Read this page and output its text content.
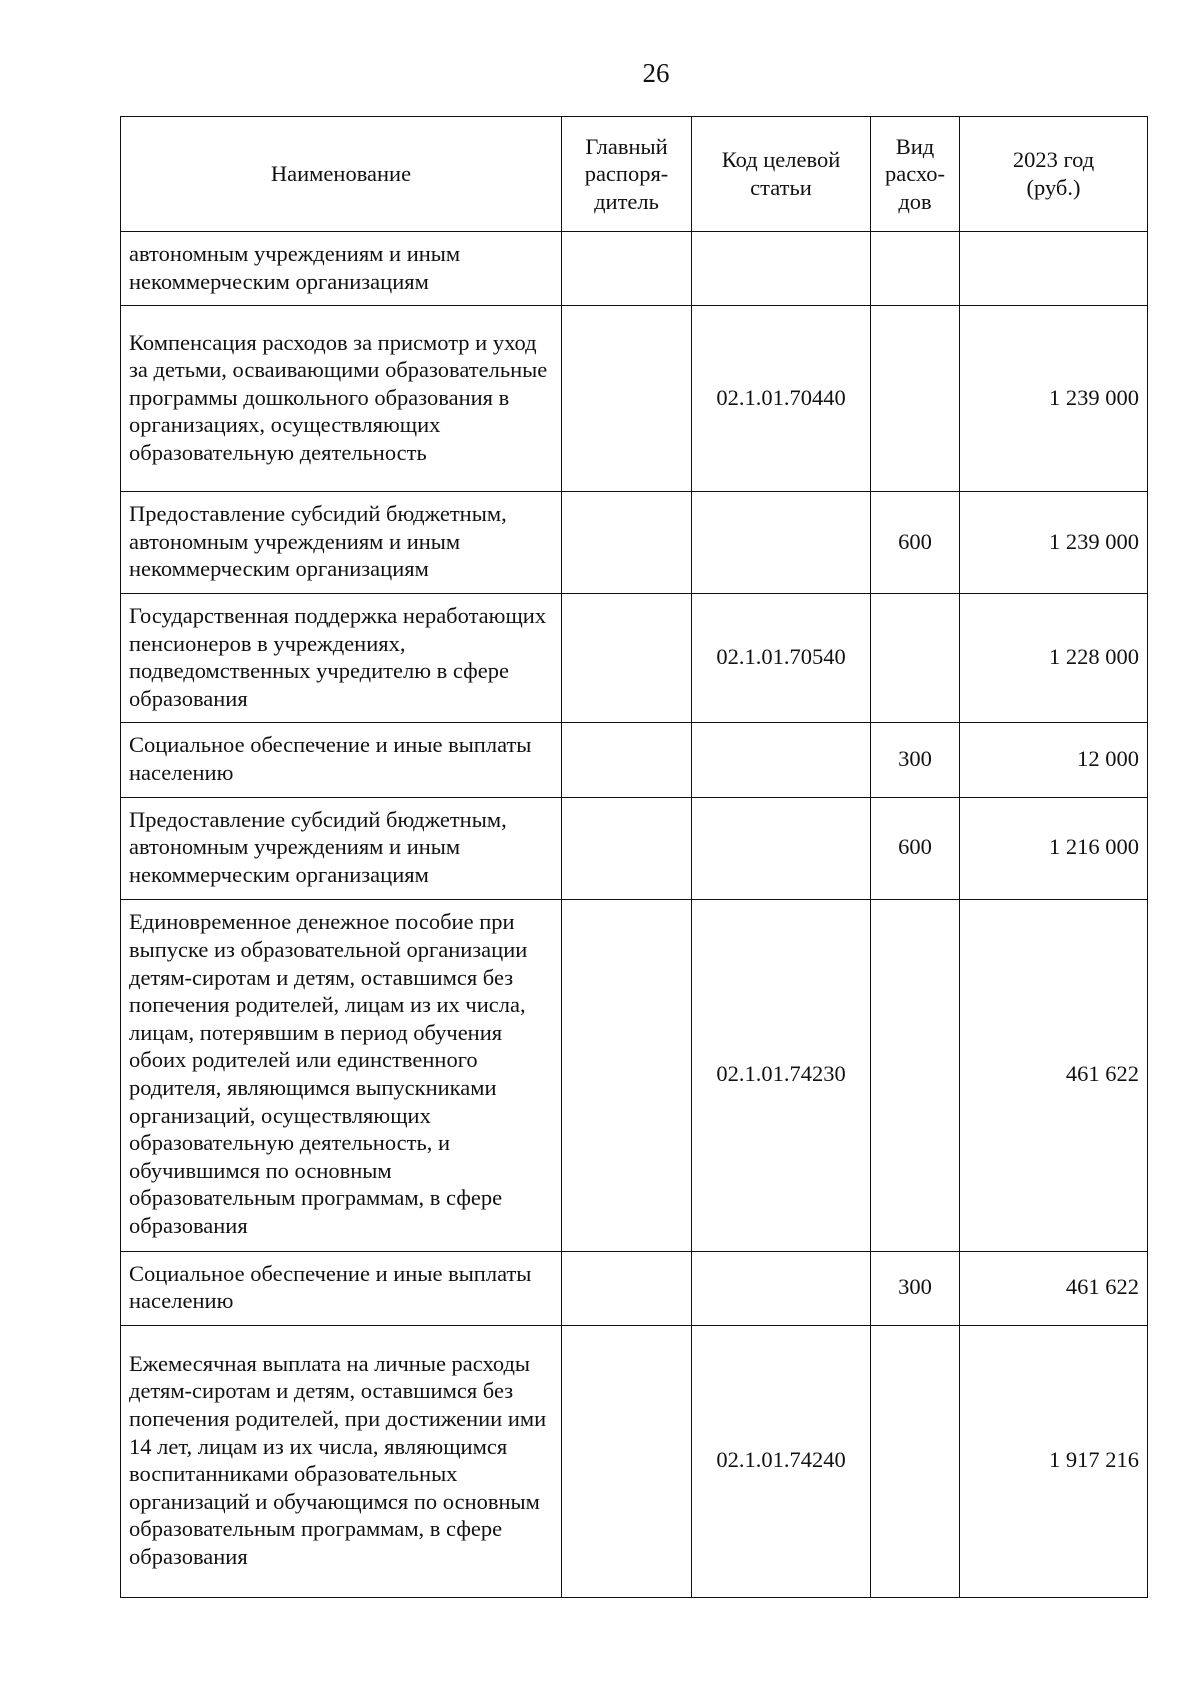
26
Наименование	Главный распоря-дитель	Код целевой статьи	Вид расхо-дов	2023 год (руб.)
автономным учреждениям и иным некоммерческим организациям				
Компенсация расходов за присмотр и уход за детьми, осваивающими образовательные программы дошкольного образования в организациях, осуществляющих образовательную деятельность		02.1.01.70440		1 239 000
Предоставление субсидий бюджетным, автономным учреждениям и иным некоммерческим организациям			600	1 239 000
Государственная поддержка неработающих пенсионеров в учреждениях, подведомственных учредителю в сфере образования		02.1.01.70540		1 228 000
Социальное обеспечение и иные выплаты населению			300	12 000
Предоставление субсидий бюджетным, автономным учреждениям и иным некоммерческим организациям			600	1 216 000
Единовременное денежное пособие при выпуске из образовательной организации детям-сиротам и детям, оставшимся без попечения родителей, лицам из их числа, лицам, потерявшим в период обучения обоих родителей или единственного родителя, являющимся выпускниками организаций, осуществляющих образовательную деятельность, и обучившимся по основным образовательным программам, в сфере образования		02.1.01.74230		461 622
Социальное обеспечение и иные выплаты населению			300	461 622
Ежемесячная выплата на личные расходы детям-сиротам и детям, оставшимся без попечения родителей, при достижении ими 14 лет, лицам из их числа, являющимся воспитанниками образовательных организаций и обучающимся по основным образовательным программам, в сфере образования		02.1.01.74240		1 917 216
